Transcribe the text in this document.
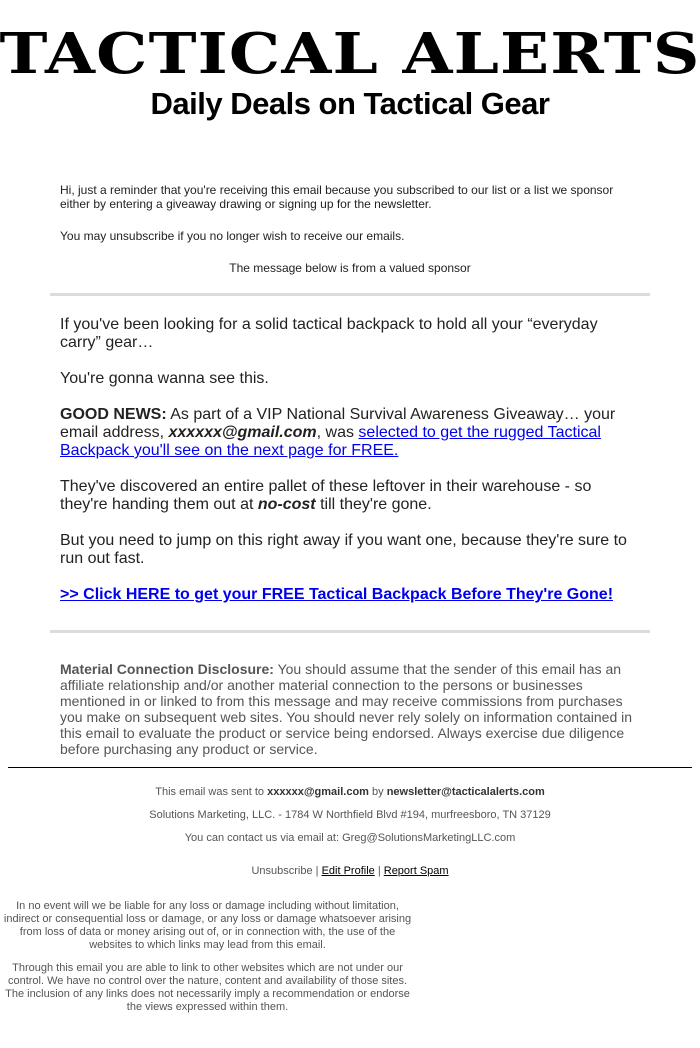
TACTICAL ALERTS
Daily Deals on Tactical Gear

Hi, just a reminder that you're receiving this email because you subscribed to our list or a list we sponsor either by entering a giveaway drawing or signing up for the newsletter.

You may unsubscribe if you no longer wish to receive our emails.

The message below is from a valued sponsor

If you've been looking for a solid tactical backpack to hold all your “everyday carry” gear…

You're gonna wanna see this.

GOOD NEWS: As part of a VIP National Survival Awareness Giveaway… your email address, xxxxxx@gmail.com, was selected to get the rugged Tactical Backpack you'll see on the next page for FREE.

They've discovered an entire pallet of these leftover in their warehouse - so they're handing them out at no-cost till they're gone.

But you need to jump on this right away if you want one, because they're sure to run out fast.

>> Click HERE to get your FREE Tactical Backpack Before They're Gone!

Material Connection Disclosure: You should assume that the sender of this email has an affiliate relationship and/or another material connection to the persons or businesses mentioned in or linked to from this message and may receive commissions from purchases you make on subsequent web sites. You should never rely solely on information contained in this email to evaluate the product or service being endorsed. Always exercise due diligence before purchasing any product or service.

This email was sent to xxxxxx@gmail.com by newsletter@tacticalalerts.com

Solutions Marketing, LLC. - 1784 W Northfield Blvd #194, murfreesboro, TN 37129

You can contact us via email at: Greg@SolutionsMarketingLLC.com

Unsubscribe | Edit Profile | Report Spam

In no event will we be liable for any loss or damage including without limitation, indirect or consequential loss or damage, or any loss or damage whatsoever arising from loss of data or money arising out of, or in connection with, the use of the websites to which links may lead from this email.

Through this email you are able to link to other websites which are not under our control. We have no control over the nature, content and availability of those sites. The inclusion of any links does not necessarily imply a recommendation or endorse the views expressed within them.
